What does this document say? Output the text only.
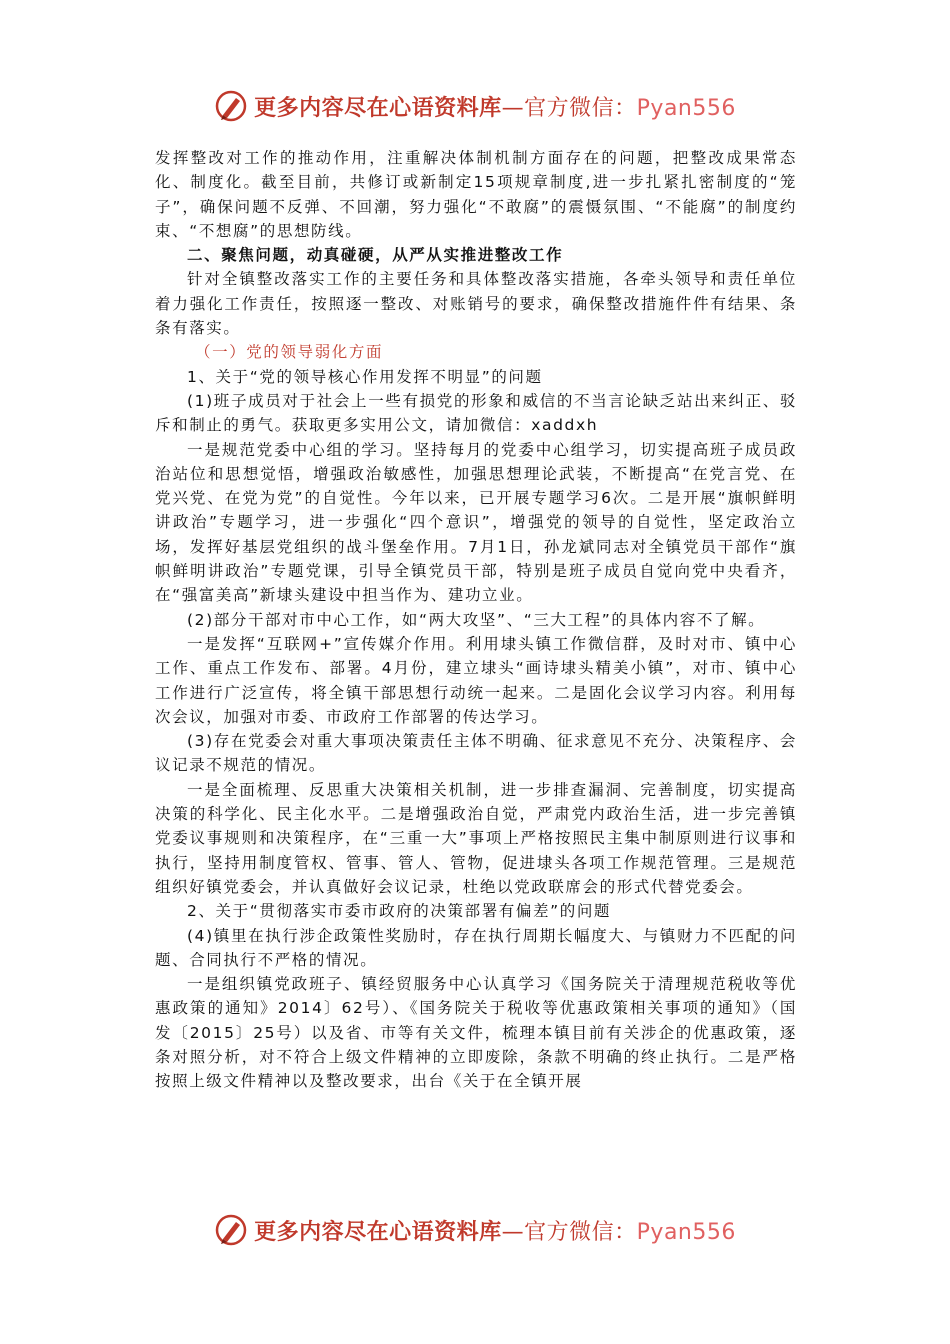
更多内容尽在心语资料库—官方微信：Pyan556

发挥整改对工作的推动作用，注重解决体制机制方面存在的问题，把整改成果常态化、制度化。截至目前，共修订或新制定15项规章制度,进一步扎紧扎密制度的“笼子”，确保问题不反弹、不回潮，努力强化“不敢腐”的震慑氛围、“不能腐”的制度约束、“不想腐”的思想防线。

二、聚焦问题，动真碰硬，从严从实推进整改工作

针对全镇整改落实工作的主要任务和具体整改落实措施，各牵头领导和责任单位着力强化工作责任，按照逐一整改、对账销号的要求，确保整改措施件件有结果、条条有落实。

（一）党的领导弱化方面

1、关于“党的领导核心作用发挥不明显”的问题

(1)班子成员对于社会上一些有损党的形象和威信的不当言论缺乏站出来纠正、驳斥和制止的勇气。获取更多实用公文，请加微信：xaddxh

一是规范党委中心组的学习。坚持每月的党委中心组学习，切实提高班子成员政治站位和思想觉悟，增强政治敏感性，加强思想理论武装，不断提高“在党言党、在党兴党、在党为党”的自觉性。今年以来，已开展专题学习6次。二是开展“旗帜鲜明讲政治”专题学习，进一步强化“四个意识”，增强党的领导的自觉性，坚定政治立场，发挥好基层党组织的战斗堡垒作用。7月1日，孙龙斌同志对全镇党员干部作“旗帜鲜明讲政治”专题党课，引导全镇党员干部，特别是班子成员自觉向党中央看齐，在“强富美高”新埭头建设中担当作为、建功立业。

(2)部分干部对市中心工作，如“两大攻坚”、“三大工程”的具体内容不了解。

一是发挥“互联网+”宣传媒介作用。利用埭头镇工作微信群，及时对市、镇中心工作、重点工作发布、部署。4月份，建立埭头“画诗埭头精美小镇”，对市、镇中心工作进行广泛宣传，将全镇干部思想行动统一起来。二是固化会议学习内容。利用每次会议，加强对市委、市政府工作部署的传达学习。

(3)存在党委会对重大事项决策责任主体不明确、征求意见不充分、决策程序、会议记录不规范的情况。

一是全面梳理、反思重大决策相关机制，进一步排查漏洞、完善制度，切实提高决策的科学化、民主化水平。二是增强政治自觉，严肃党内政治生活，进一步完善镇党委议事规则和决策程序，在“三重一大”事项上严格按照民主集中制原则进行议事和执行，坚持用制度管权、管事、管人、管物，促进埭头各项工作规范管理。三是规范组织好镇党委会，并认真做好会议记录，杜绝以党政联席会的形式代替党委会。

2、关于“贯彻落实市委市政府的决策部署有偏差”的问题

(4)镇里在执行涉企政策性奖励时，存在执行周期长幅度大、与镇财力不匹配的问题、合同执行不严格的情况。

一是组织镇党政班子、镇经贸服务中心认真学习《国务院关于清理规范税收等优惠政策的通知》2014〕62号）、《国务院关于税收等优惠政策相关事项的通知》（国发〔2015〕25号）以及省、市等有关文件，梳理本镇目前有关涉企的优惠政策，逐条对照分析，对不符合上级文件精神的立即废除，条款不明确的终止执行。二是严格按照上级文件精神以及整改要求，出台《关于在全镇开展

更多内容尽在心语资料库—官方微信：Pyan556
